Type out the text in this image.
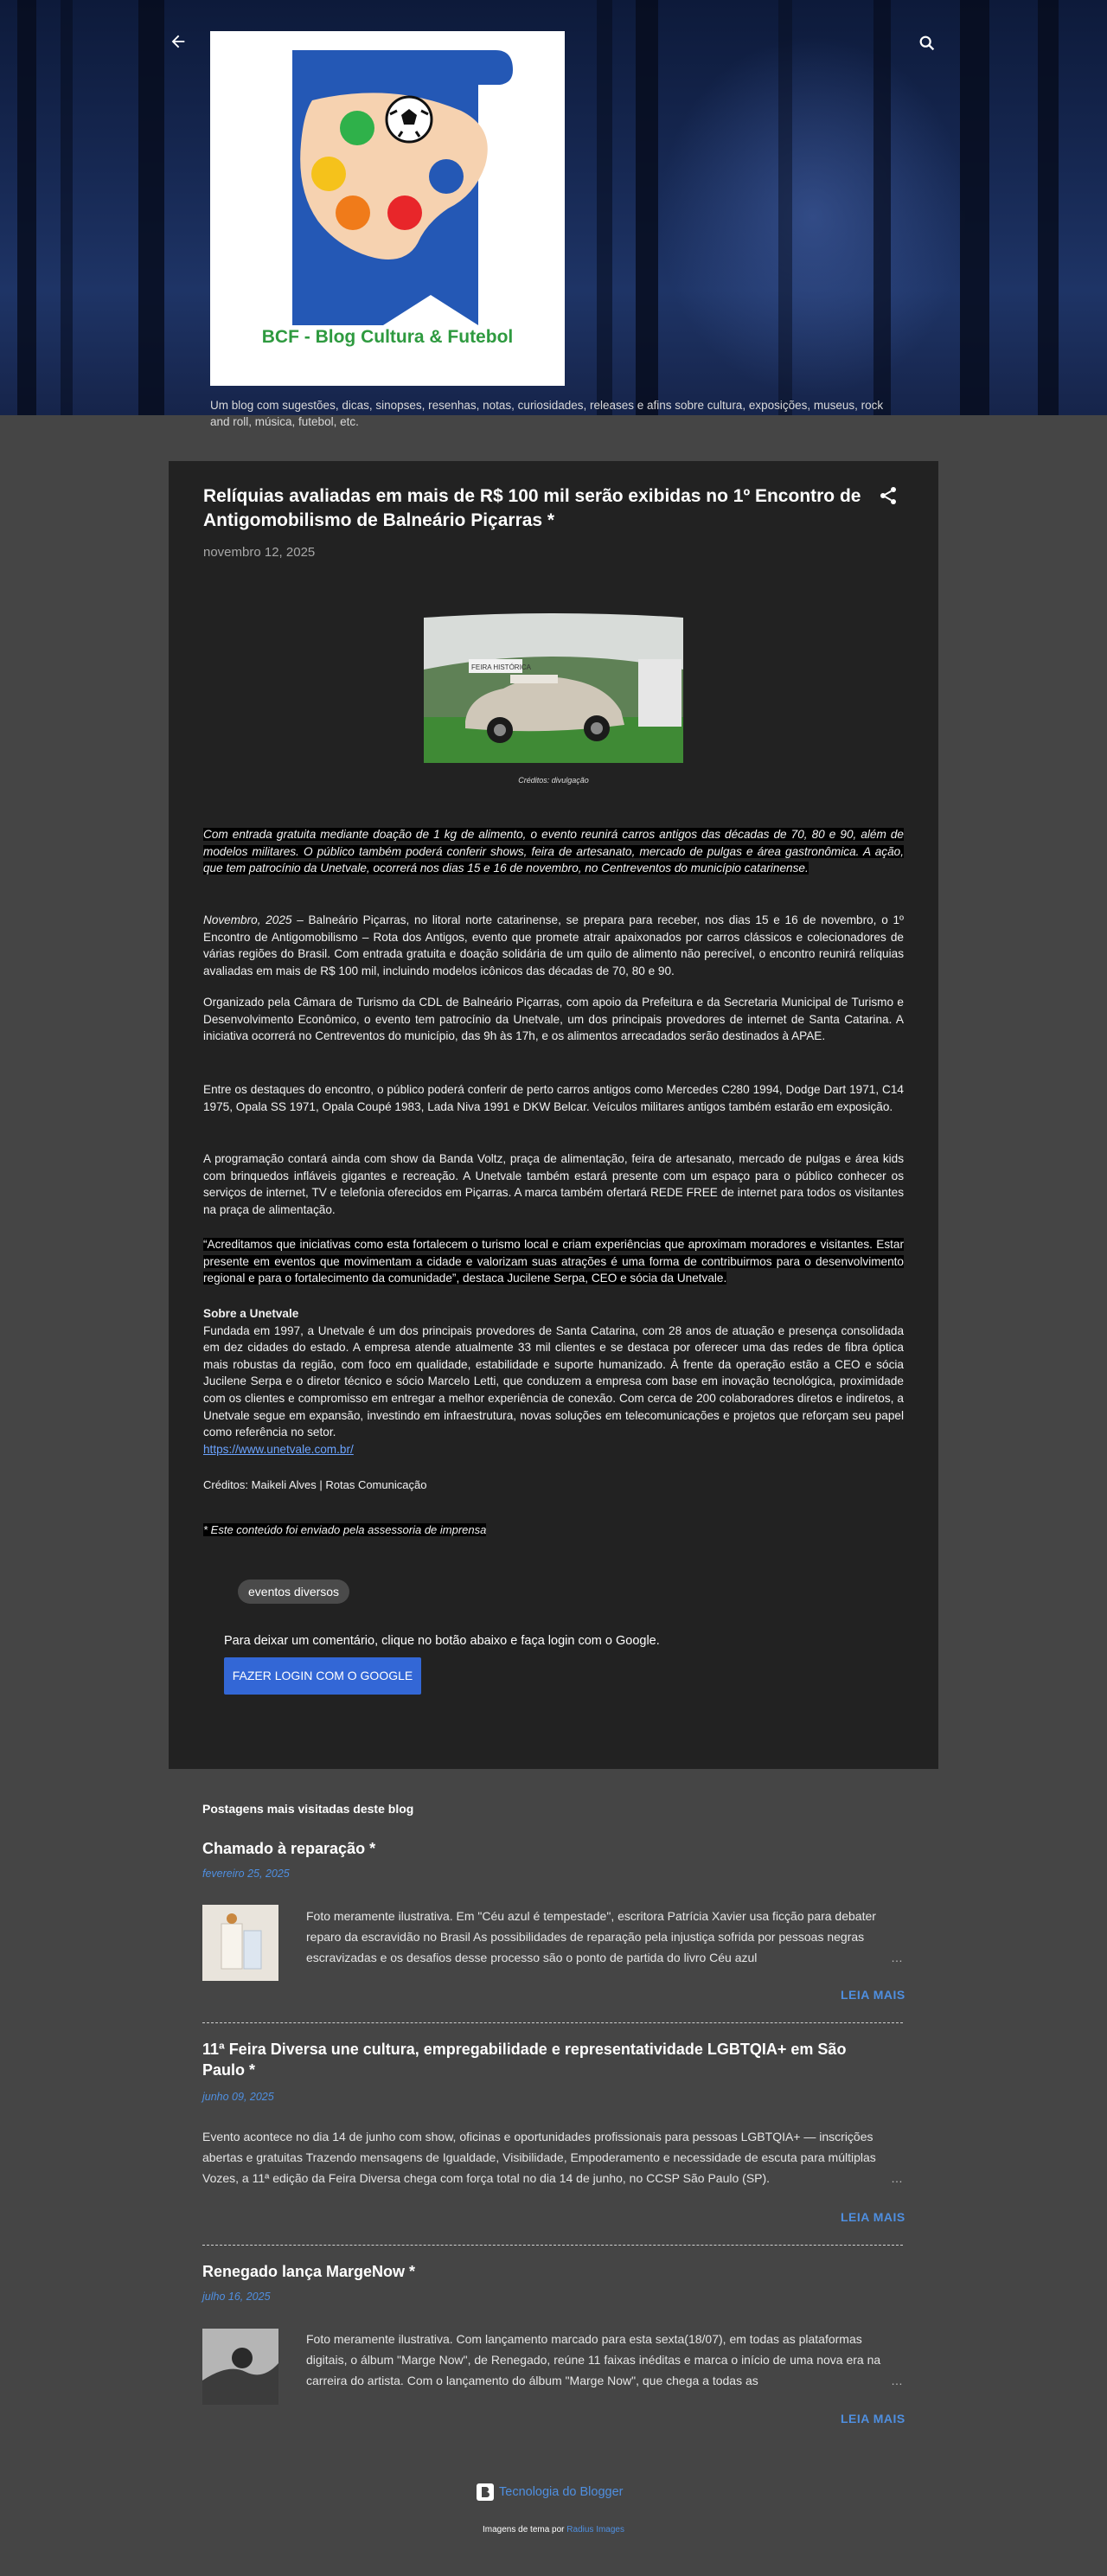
BCF - Blog Cultura & Futebol
Um blog com sugestões, dicas, sinopses, resenhas, notas, curiosidades, releases e afins sobre cultura, exposições, museus, rock and roll, música, futebol, etc.
Relíquias avaliadas em mais de R$ 100 mil serão exibidas no 1º Encontro de Antigomobilismo de Balneário Piçarras *
novembro 12, 2025
FEIRA HISTÓRICA
Créditos: divulgação
Com entrada gratuita mediante doação de 1 kg de alimento, o evento reunirá carros antigos das décadas de 70, 80 e 90, além de modelos militares. O público também poderá conferir shows, feira de artesanato, mercado de pulgas e área gastronômica. A ação, que tem patrocínio da Unetvale, ocorrerá nos dias 15 e 16 de novembro, no Centreventos do município catarinense.
Novembro, 2025 – Balneário Piçarras, no litoral norte catarinense, se prepara para receber, nos dias 15 e 16 de novembro, o 1º Encontro de Antigomobilismo – Rota dos Antigos, evento que promete atrair apaixonados por carros clássicos e colecionadores de várias regiões do Brasil. Com entrada gratuita e doação solidária de um quilo de alimento não perecível, o encontro reunirá relíquias avaliadas em mais de R$ 100 mil, incluindo modelos icônicos das décadas de 70, 80 e 90.
Organizado pela Câmara de Turismo da CDL de Balneário Piçarras, com apoio da Prefeitura e da Secretaria Municipal de Turismo e Desenvolvimento Econômico, o evento tem patrocínio da Unetvale, um dos principais provedores de internet de Santa Catarina. A iniciativa ocorrerá no Centreventos do município, das 9h às 17h, e os alimentos arrecadados serão destinados à APAE.
Entre os destaques do encontro, o público poderá conferir de perto carros antigos como Mercedes C280 1994, Dodge Dart 1971, C14 1975, Opala SS 1971, Opala Coupé 1983, Lada Niva 1991 e DKW Belcar. Veículos militares antigos também estarão em exposição.
A programação contará ainda com show da Banda Voltz, praça de alimentação, feira de artesanato, mercado de pulgas e área kids com brinquedos infláveis gigantes e recreação. A Unetvale também estará presente com um espaço para o público conhecer os serviços de internet, TV e telefonia oferecidos em Piçarras. A marca também ofertará REDE FREE de internet para todos os visitantes na praça de alimentação.
“Acreditamos que iniciativas como esta fortalecem o turismo local e criam experiências que aproximam moradores e visitantes. Estar presente em eventos que movimentam a cidade e valorizam suas atrações é uma forma de contribuirmos para o desenvolvimento regional e para o fortalecimento da comunidade”, destaca Jucilene Serpa, CEO e sócia da Unetvale.
Sobre a Unetvale
Fundada em 1997, a Unetvale é um dos principais provedores de Santa Catarina, com 28 anos de atuação e presença consolidada em dez cidades do estado. A empresa atende atualmente 33 mil clientes e se destaca por oferecer uma das redes de fibra óptica mais robustas da região, com foco em qualidade, estabilidade e suporte humanizado. À frente da operação estão a CEO e sócia Jucilene Serpa e o diretor técnico e sócio Marcelo Letti, que conduzem a empresa com base em inovação tecnológica, proximidade com os clientes e compromisso em entregar a melhor experiência de conexão. Com cerca de 200 colaboradores diretos e indiretos, a Unetvale segue em expansão, investindo em infraestrutura, novas soluções em telecomunicações e projetos que reforçam seu papel como referência no setor.
https://www.unetvale.com.br/
Créditos: Maikeli Alves | Rotas Comunicação
* Este conteúdo foi enviado pela assessoria de imprensa
eventos diversos
Para deixar um comentário, clique no botão abaixo e faça login com o Google.
FAZER LOGIN COM O GOOGLE
Postagens mais visitadas deste blog
Chamado à reparação *
fevereiro 25, 2025
Foto meramente ilustrativa. Em "Céu azul é tempestade", escritora Patrícia Xavier usa ficção para debater reparo da escravidão no Brasil As possibilidades de reparação pela injustiça sofrida por pessoas negras escravizadas e os desafios desse processo são o ponto de partida do livro Céu azul	…
LEIA MAIS
11ª Feira Diversa une cultura, empregabilidade e representatividade LGBTQIA+ em São Paulo *
junho 09, 2025
Evento acontece no dia 14 de junho com show, oficinas e oportunidades profissionais para pessoas LGBTQIA+ — inscrições abertas e gratuitas Trazendo mensagens de Igualdade, Visibilidade, Empoderamento e necessidade de escuta para múltiplas Vozes, a 11ª edição da Feira Diversa chega com força total no dia 14 de junho, no CCSP São Paulo (SP).	…
LEIA MAIS
Renegado lança MargeNow *
julho 16, 2025
Foto meramente ilustrativa. Com lançamento marcado para esta sexta(18/07), em todas as plataformas digitais, o álbum "Marge Now", de Renegado, reúne 11 faixas inéditas e marca o início de uma nova era na carreira do artista. Com o lançamento do álbum "Marge Now", que chega a todas as	…
LEIA MAIS
Tecnologia do Blogger
Imagens de tema por Radius Images
